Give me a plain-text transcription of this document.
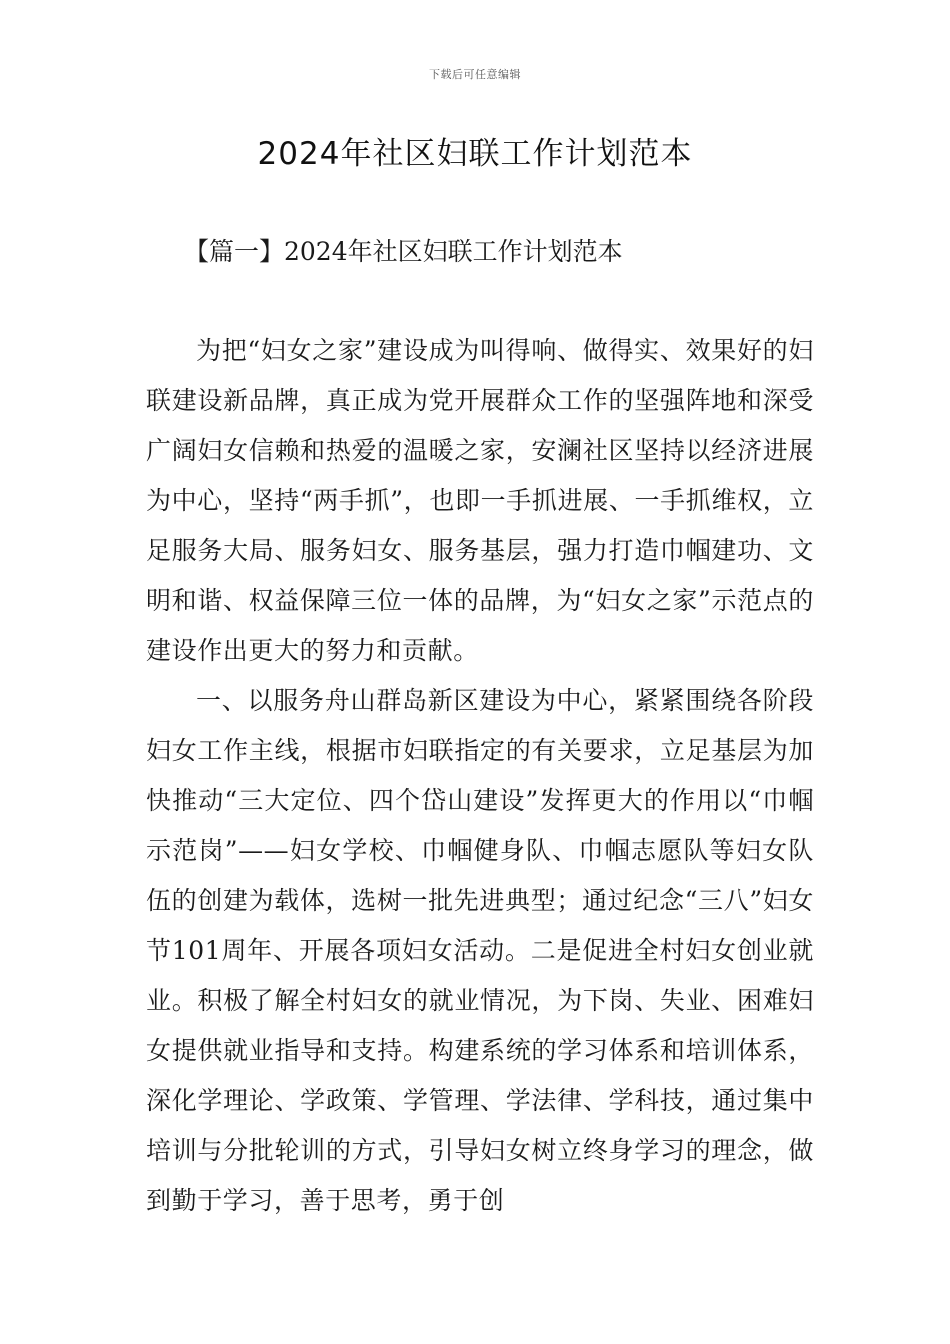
下载后可任意编辑
2024年社区妇联工作计划范本
【篇一】2024年社区妇联工作计划范本

为把“妇女之家”建设成为叫得响、做得实、效果好的妇联建设新品牌，真正成为党开展群众工作的坚强阵地和深受广阔妇女信赖和热爱的温暖之家，安澜社区坚持以经济进展为中心，坚持“两手抓”，也即一手抓进展、一手抓维权，立足服务大局、服务妇女、服务基层，强力打造巾帼建功、文明和谐、权益保障三位一体的品牌，为“妇女之家”示范点的建设作出更大的努力和贡献。

一、以服务舟山群岛新区建设为中心，紧紧围绕各阶段妇女工作主线，根据市妇联指定的有关要求，立足基层为加快推动“三大定位、四个岱山建设”发挥更大的作用以“巾帼示范岗”——妇女学校、巾帼健身队、巾帼志愿队等妇女队伍的创建为载体，选树一批先进典型；通过纪念“三八”妇女节101周年、开展各项妇女活动。二是促进全村妇女创业就业。积极了解全村妇女的就业情况，为下岗、失业、困难妇女提供就业指导和支持。构建系统的学习体系和培训体系，深化学理论、学政策、学管理、学法律、学科技，通过集中培训与分批轮训的方式，引导妇女树立终身学习的理念，做到勤于学习，善于思考，勇于创
